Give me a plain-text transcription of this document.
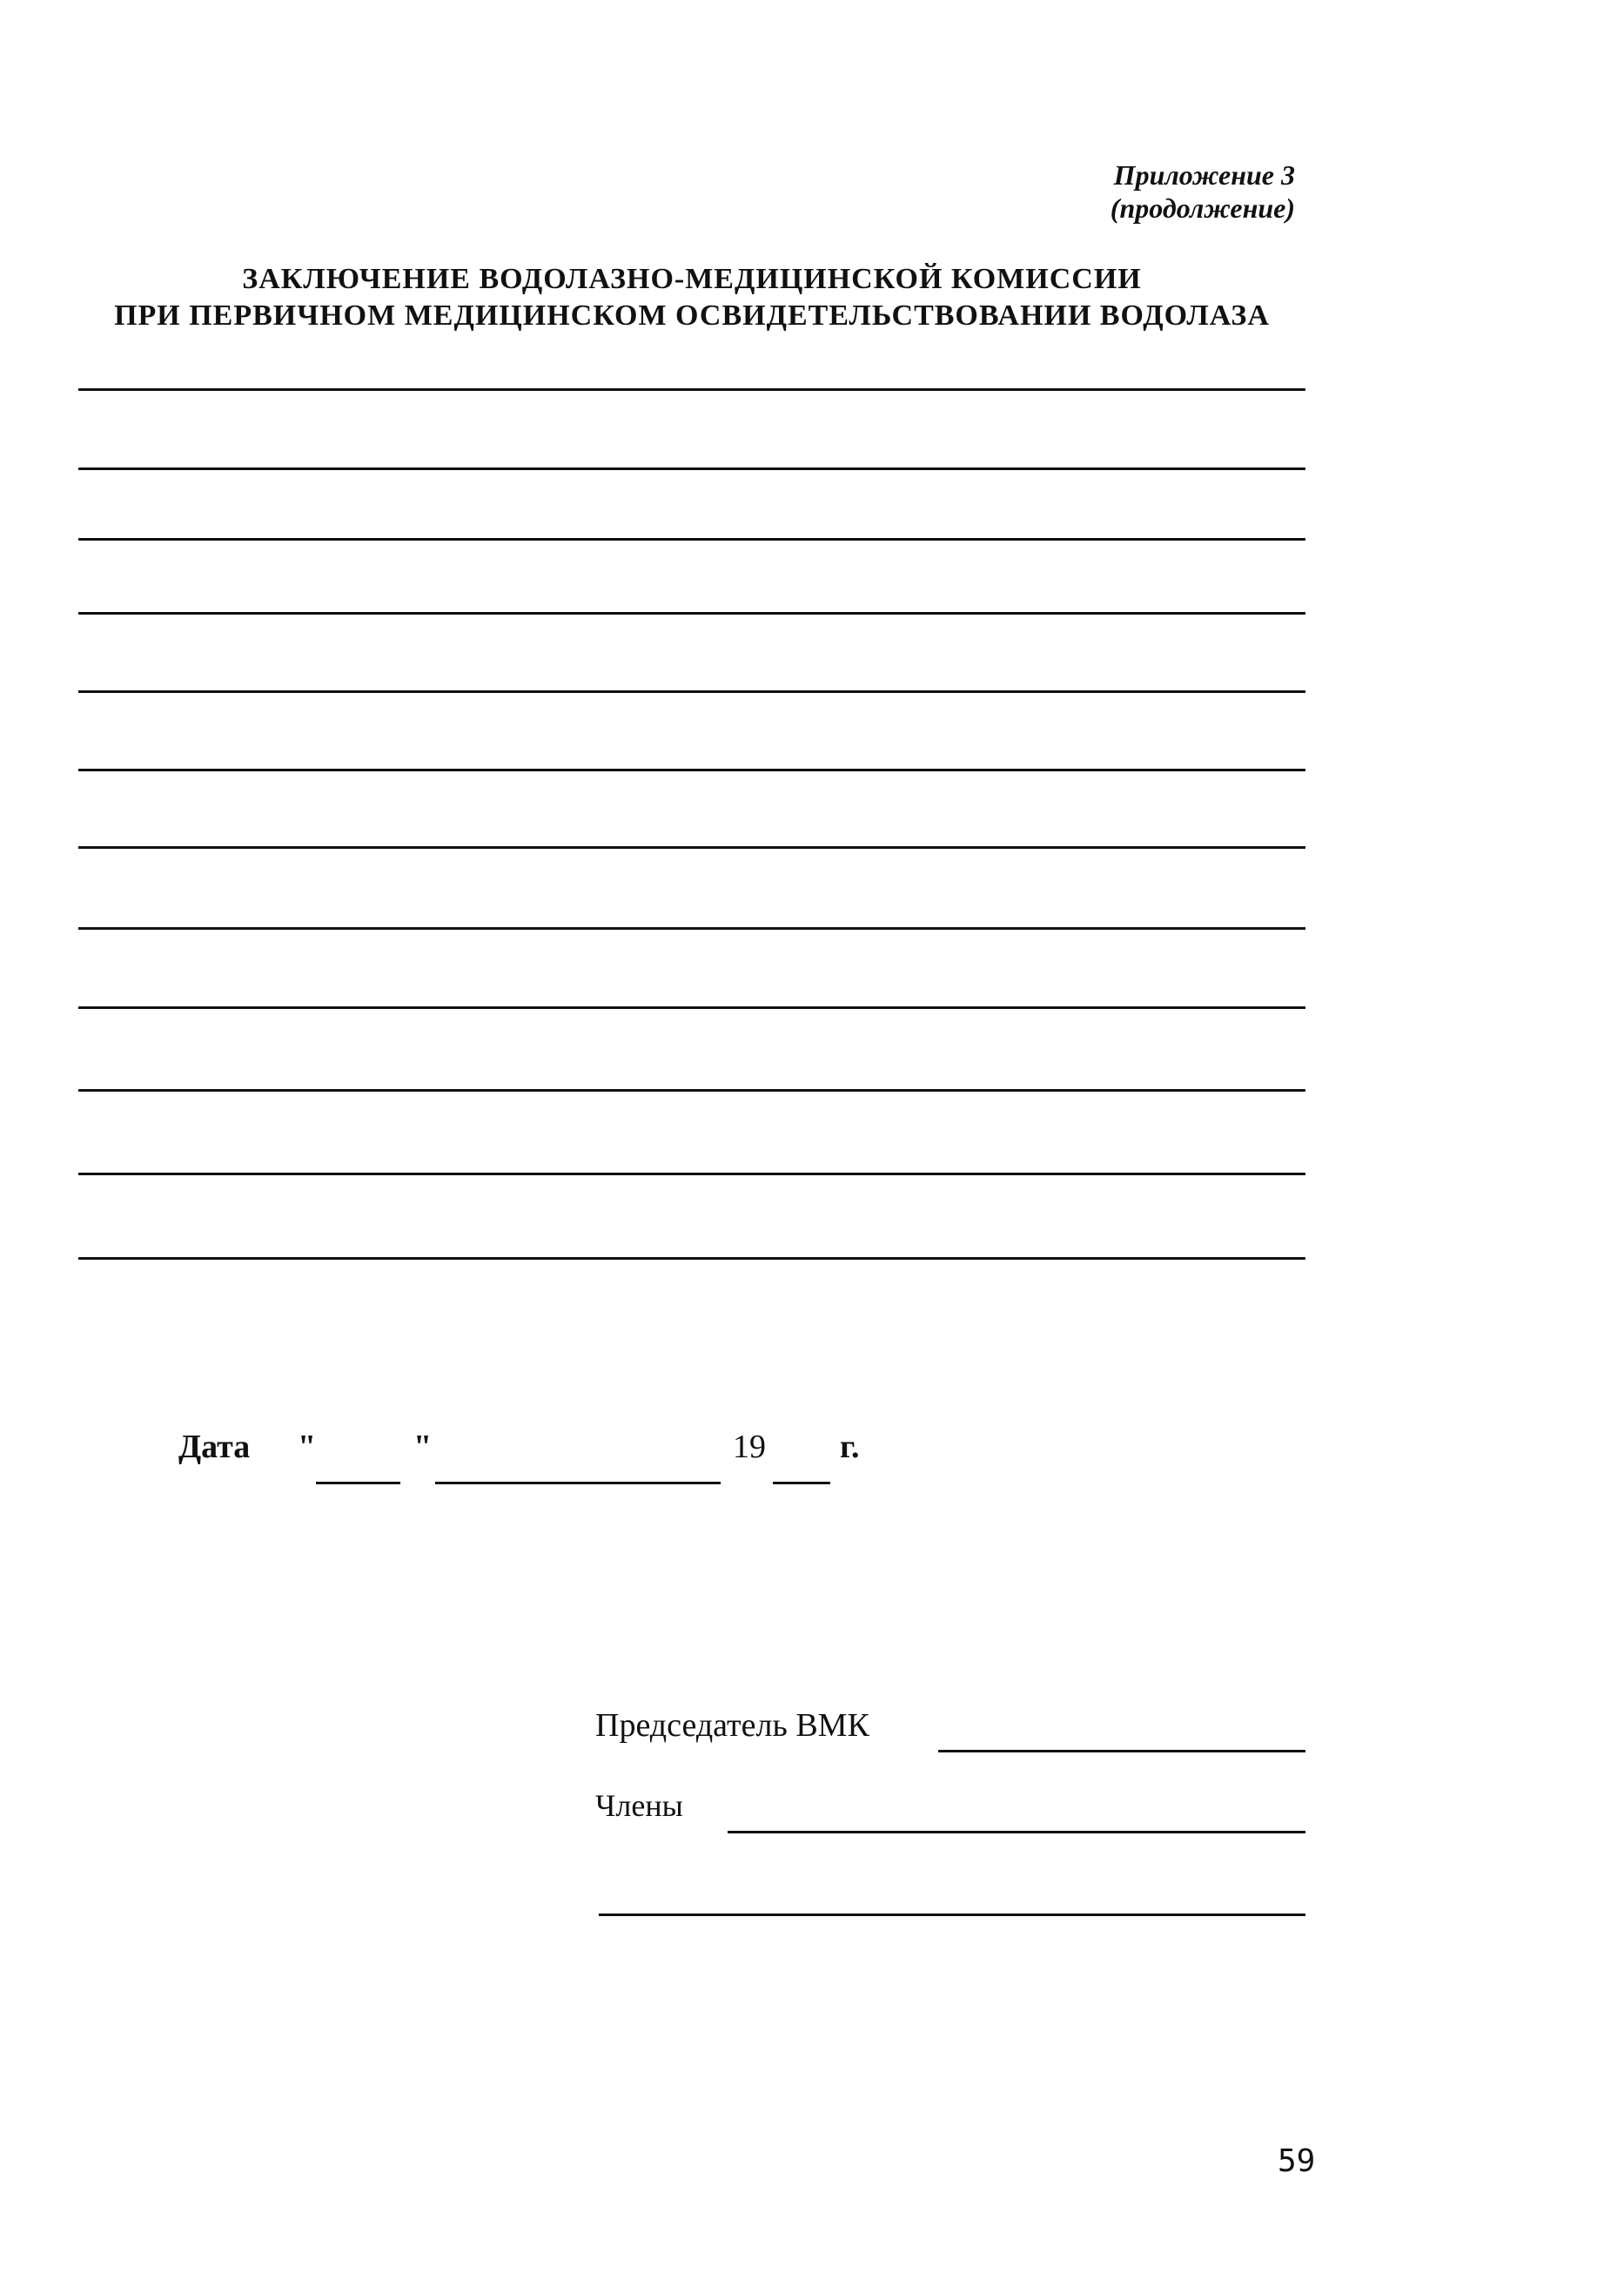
Приложение 3
(продолжение)
ЗАКЛЮЧЕНИЕ ВОДОЛАЗНО-МЕДИЦИНСКОЙ КОМИССИИ
ПРИ ПЕРВИЧНОМ МЕДИЦИНСКОМ ОСВИДЕТЕЛЬСТВОВАНИИ ВОДОЛАЗА
Дата "	"	19 г.
Председатель ВМК
Члены
59
